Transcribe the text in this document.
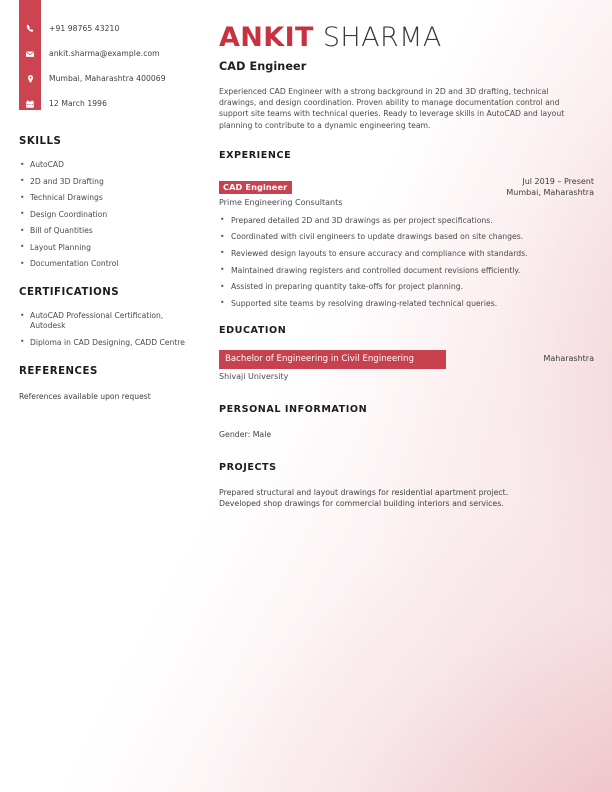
+91 98765 43210
ankit.sharma@example.com
Mumbai, Maharashtra 400069
12 March 1996
SKILLS
• AutoCAD
• 2D and 3D Drafting
• Technical Drawings
• Design Coordination
• Bill of Quantities
• Layout Planning
• Documentation Control
CERTIFICATIONS
• AutoCAD Professional Certification, Autodesk
• Diploma in CAD Designing, CADD Centre
REFERENCES

References available upon request

ANKIT SHARMA
CAD Engineer
Experienced CAD Engineer with a strong background in 2D and 3D drafting, technical drawings, and design coordination. Proven ability to manage documentation control and support site teams with technical queries. Ready to leverage skills in AutoCAD and layout planning to contribute to a dynamic engineering team.
EXPERIENCE
CAD Engineer
Prime Engineering Consultants
Jul 2019 – Present
Mumbai, Maharashtra
• Prepared detailed 2D and 3D drawings as per project specifications.
• Coordinated with civil engineers to update drawings based on site changes.
• Reviewed design layouts to ensure accuracy and compliance with standards.
• Maintained drawing registers and controlled document revisions efficiently.
• Assisted in preparing quantity take-offs for project planning.
• Supported site teams by resolving drawing-related technical queries.
EDUCATION
Bachelor of Engineering in Civil Engineering
Shivaji University
Maharashtra
PERSONAL INFORMATION
Gender: Male
PROJECTS
Prepared structural and layout drawings for residential apartment project.
Developed shop drawings for commercial building interiors and services.
